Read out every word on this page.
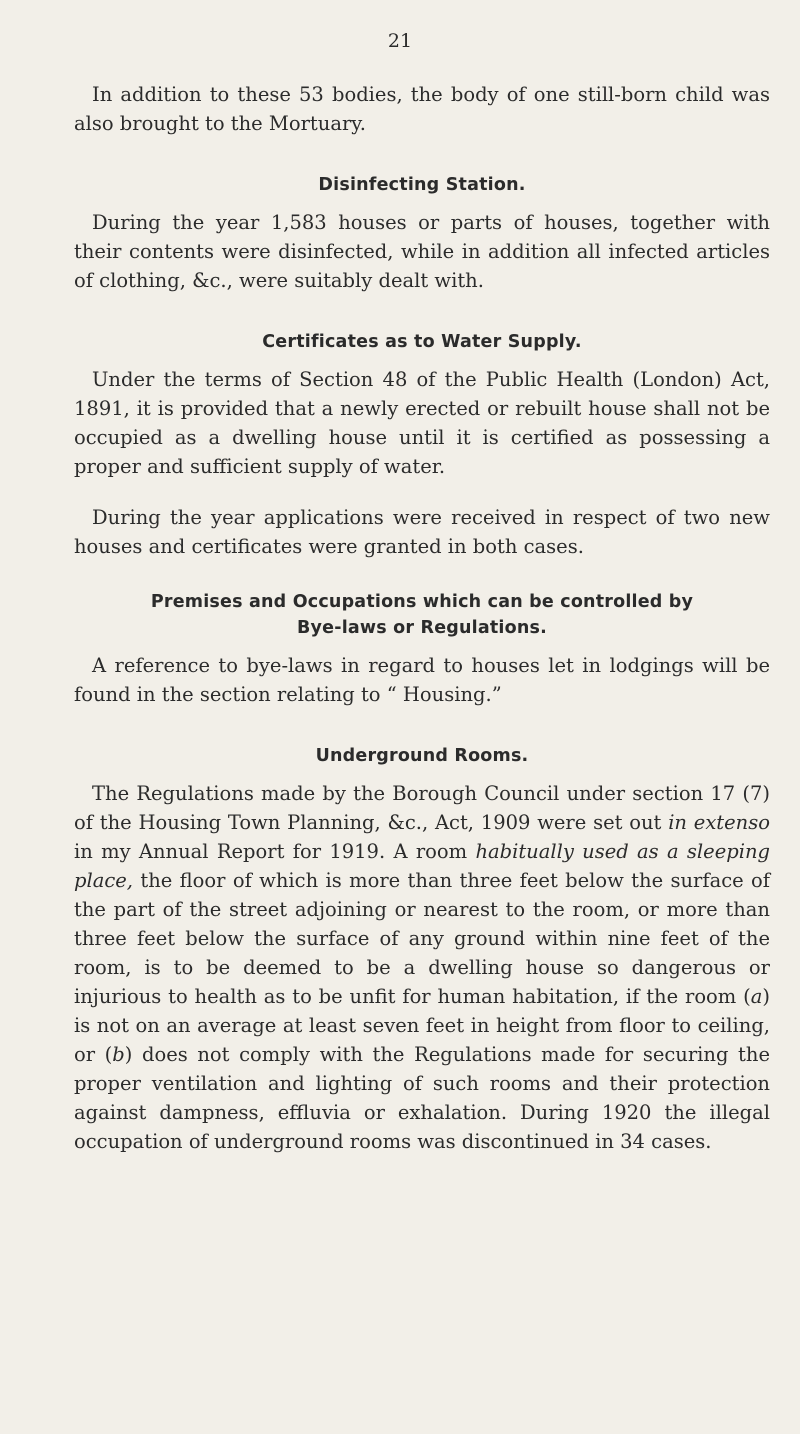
21

In addition to these 53 bodies, the body of one still-born child was also brought to the Mortuary.

Disinfecting Station.

During the year 1,583 houses or parts of houses, together with their contents were disinfected, while in addition all infected articles of clothing, &c., were suitably dealt with.

Certificates as to Water Supply.

Under the terms of Section 48 of the Public Health (London) Act, 1891, it is provided that a newly erected or rebuilt house shall not be occupied as a dwelling house until it is certified as possessing a proper and sufficient supply of water.

During the year applications were received in respect of two new houses and certificates were granted in both cases.

Premises and Occupations which can be controlled by
Bye-laws or Regulations.

A reference to bye-laws in regard to houses let in lodgings will be found in the section relating to “ Housing.”

Underground Rooms.

The Regulations made by the Borough Council under section 17 (7) of the Housing Town Planning, &c., Act, 1909 were set out in extenso in my Annual Report for 1919. A room habitually used as a sleeping place, the floor of which is more than three feet below the surface of the part of the street adjoining or nearest to the room, or more than three feet below the surface of any ground within nine feet of the room, is to be deemed to be a dwelling house so dangerous or injurious to health as to be unfit for human habitation, if the room (a) is not on an average at least seven feet in height from floor to ceiling, or (b) does not comply with the Regulations made for securing the proper ventilation and lighting of such rooms and their protection against dampness, effluvia or exhalation. During 1920 the illegal occupation of underground rooms was discontinued in 34 cases.
